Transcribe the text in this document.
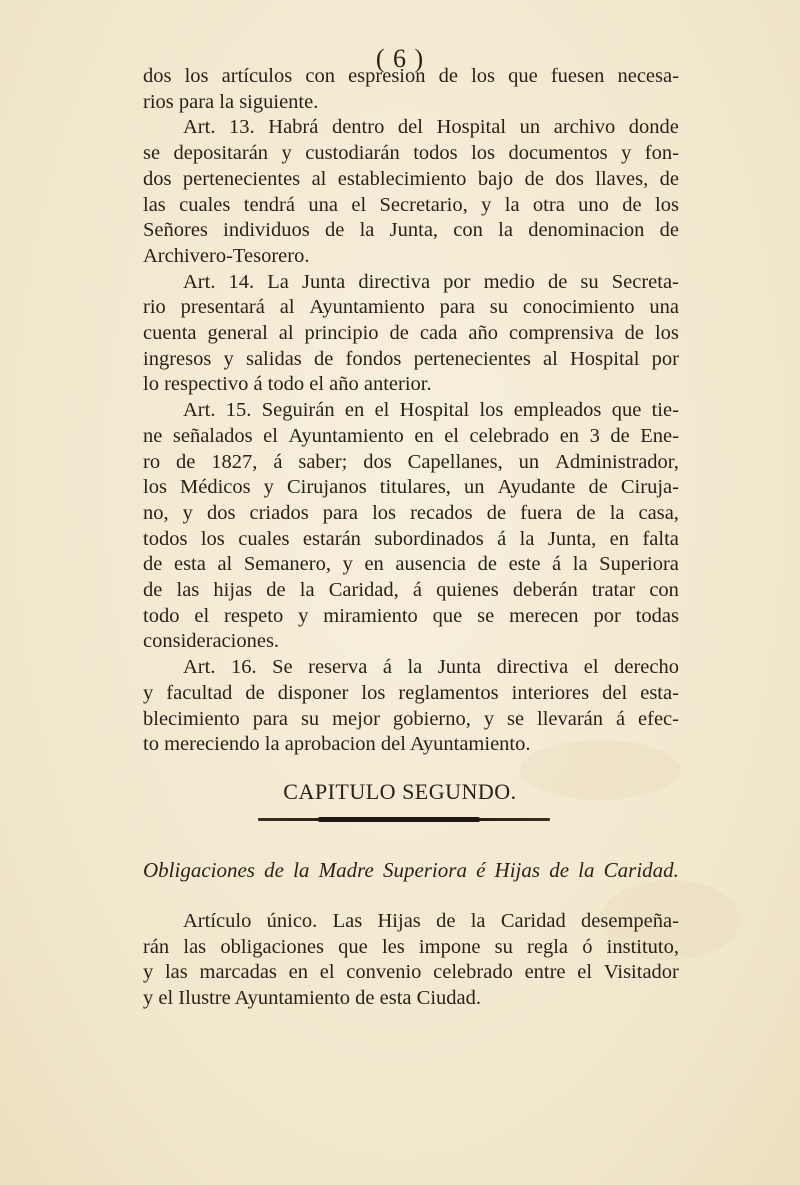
( 6 )
dos los artículos con espresion de los que fuesen necesa-
rios para la siguiente.
Art. 13. Habrá dentro del Hospital un archivo donde
se depositarán y custodiarán todos los documentos y fon-
dos pertenecientes al establecimiento bajo de dos llaves, de
las cuales tendrá una el Secretario, y la otra uno de los
Señores individuos de la Junta, con la denominacion de
Archivero-Tesorero.
Art. 14. La Junta directiva por medio de su Secreta-
rio presentará al Ayuntamiento para su conocimiento una
cuenta general al principio de cada año comprensiva de los
ingresos y salidas de fondos pertenecientes al Hospital por
lo respectivo á todo el año anterior.
Art. 15. Seguirán en el Hospital los empleados que tie-
ne señalados el Ayuntamiento en el celebrado en 3 de Ene-
ro de 1827, á saber; dos Capellanes, un Administrador,
los Médicos y Cirujanos titulares, un Ayudante de Ciruja-
no, y dos criados para los recados de fuera de la casa,
todos los cuales estarán subordinados á la Junta, en falta
de esta al Semanero, y en ausencia de este á la Superiora
de las hijas de la Caridad, á quienes deberán tratar con
todo el respeto y miramiento que se merecen por todas
consideraciones.
Art. 16. Se reserva á la Junta directiva el derecho
y facultad de disponer los reglamentos interiores del esta-
blecimiento para su mejor gobierno, y se llevarán á efec-
to mereciendo la aprobacion del Ayuntamiento.
CAPITULO SEGUNDO.
Obligaciones de la Madre Superiora é Hijas de la Caridad.
Artículo único. Las Hijas de la Caridad desempeña-
rán las obligaciones que les impone su regla ó instituto,
y las marcadas en el convenio celebrado entre el Visitador
y el Ilustre Ayuntamiento de esta Ciudad.
